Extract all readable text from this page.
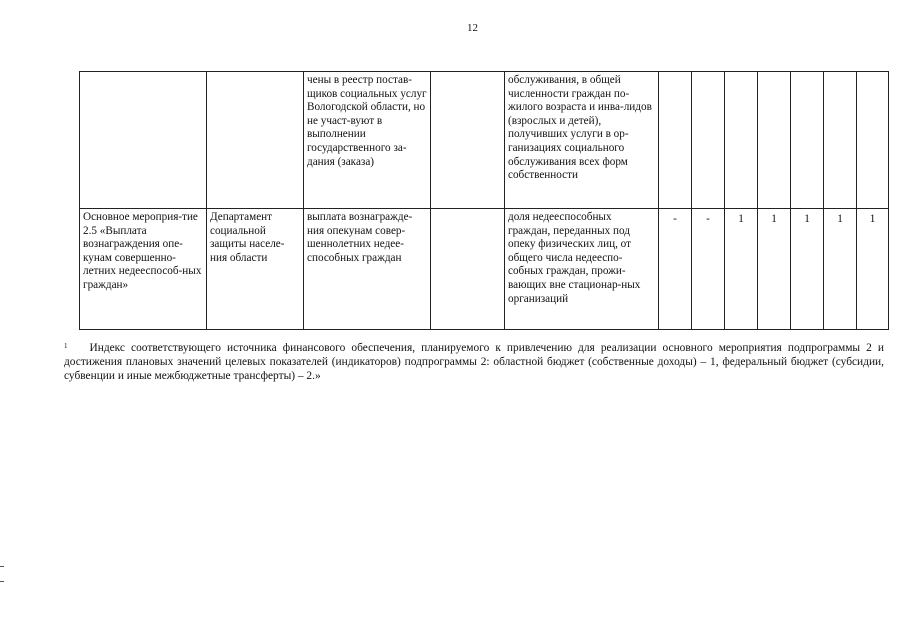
12
		чены в реестр постав-щиков социальных услуг Вологодской области, но не участ-вуют в выполнении государственного за-дания (заказа)		обслуживания, в общей численности граждан по-жилого возраста и инва-лидов (взрослых и детей), получивших услуги в ор-ганизациях социального обслуживания всех форм собственности							
Основное мероприя-тие 2.5 «Выплата вознаграждения опе-кунам совершенно-летних недееспособ-ных граждан»	Департамент социальной защиты населе-ния области	выплата вознагражде-ния опекунам совер-шеннолетних недее-способных граждан		доля недееспособных граждан, переданных под опеку физических лиц, от общего числа недееспо-собных граждан, прожи-вающих вне стационар-ных организаций	-	-	1	1	1	1	1
$^1$ Индекс соответствующего источника финансового обеспечения, планируемого к привлечению для реализации основного мероприятия подпрограммы 2 и достижения плановых значений целевых показателей (индикаторов) подпрограммы 2: областной бюджет (собственные доходы) – 1, федеральный бюджет (субсидии, субвенции и иные межбюджетные трансферты) – 2.»
